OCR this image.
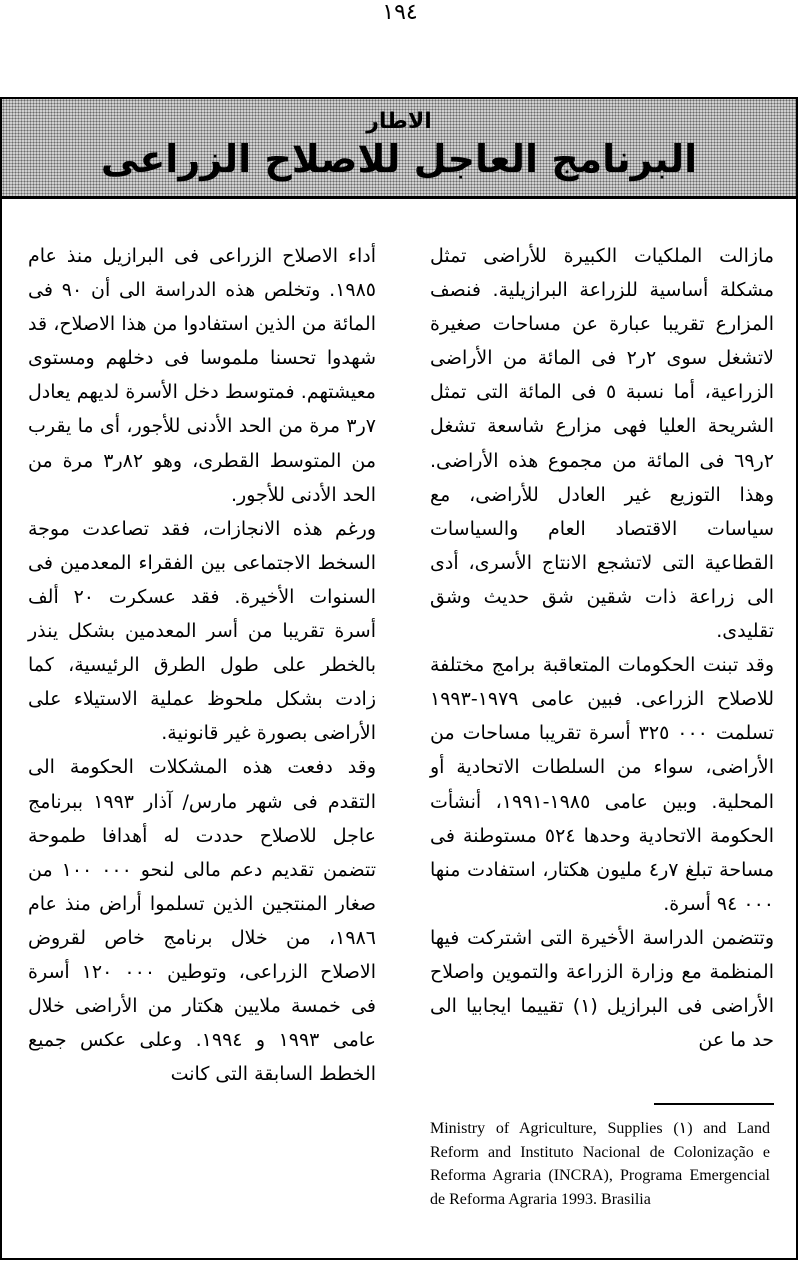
١٩٤
الاطار
البرنامج العاجل للاصلاح الزراعى

مازالت الملكيات الكبيرة للأراضى تمثل مشكلة أساسية للزراعة البرازيلية. فنصف المزارع تقريبا عبارة عن مساحات صغيرة لاتشغل سوى ٢ر٢ فى المائة من الأراضى الزراعية، أما نسبة ٥ فى المائة التى تمثل الشريحة العليا فهى مزارع شاسعة تشغل ٢ر٦٩ فى المائة من مجموع هذه الأراضى. وهذا التوزيع غير العادل للأراضى، مع سياسات الاقتصاد العام والسياسات القطاعية التى لاتشجع الانتاج الأسرى، أدى الى زراعة ذات شقين شق حديث وشق تقليدى.

وقد تبنت الحكومات المتعاقبة برامج مختلفة للاصلاح الزراعى. فبين عامى ١٩٧٩-١٩٩٣ تسلمت ٠٠٠ ٣٢٥ أسرة تقريبا مساحات من الأراضى، سواء من السلطات الاتحادية أو المحلية. وبين عامى ١٩٨٥-١٩٩١، أنشأت الحكومة الاتحادية وحدها ٥٢٤ مستوطنة فى مساحة تبلغ ٧ر٤ مليون هكتار، استفادت منها ٠٠٠ ٩٤ أسرة.

وتتضمن الدراسة الأخيرة التى اشتركت فيها المنظمة مع وزارة الزراعة والتموين واصلاح الأراضى فى البرازيل (١) تقييما ايجابيا الى حد ما عن

أداء الاصلاح الزراعى فى البرازيل منذ عام ١٩٨٥. وتخلص هذه الدراسة الى أن ٩٠ فى المائة من الذين استفادوا من هذا الاصلاح، قد شهدوا تحسنا ملموسا فى دخلهم ومستوى معيشتهم. فمتوسط دخل الأسرة لديهم يعادل ٧ر٣ مرة من الحد الأدنى للأجور، أى ما يقرب من المتوسط القطرى، وهو ٨٢ر٣ مرة من الحد الأدنى للأجور.

ورغم هذه الانجازات، فقد تصاعدت موجة السخط الاجتماعى بين الفقراء المعدمين فى السنوات الأخيرة. فقد عسكرت ٢٠ ألف أسرة تقريبا من أسر المعدمين بشكل ينذر بالخطر على طول الطرق الرئيسية، كما زادت بشكل ملحوظ عملية الاستيلاء على الأراضى بصورة غير قانونية.

وقد دفعت هذه المشكلات الحكومة الى التقدم فى شهر مارس/ آذار ١٩٩٣ ببرنامج عاجل للاصلاح حددت له أهدافا طموحة تتضمن تقديم دعم مالى لنحو ٠٠٠ ١٠٠ من صغار المنتجين الذين تسلموا أراض منذ عام ١٩٨٦، من خلال برنامج خاص لقروض الاصلاح الزراعى، وتوطين ٠٠٠ ١٢٠ أسرة فى خمسة ملايين هكتار من الأراضى خلال عامى ١٩٩٣ و ١٩٩٤. وعلى عكس جميع الخطط السابقة التى كانت

Ministry of Agriculture, Supplies (١) and Land Reform and Instituto Nacional de Colonização e Reforma Agraria (INCRA), Programa Emergencial de Reforma Agraria 1993. Brasilia
